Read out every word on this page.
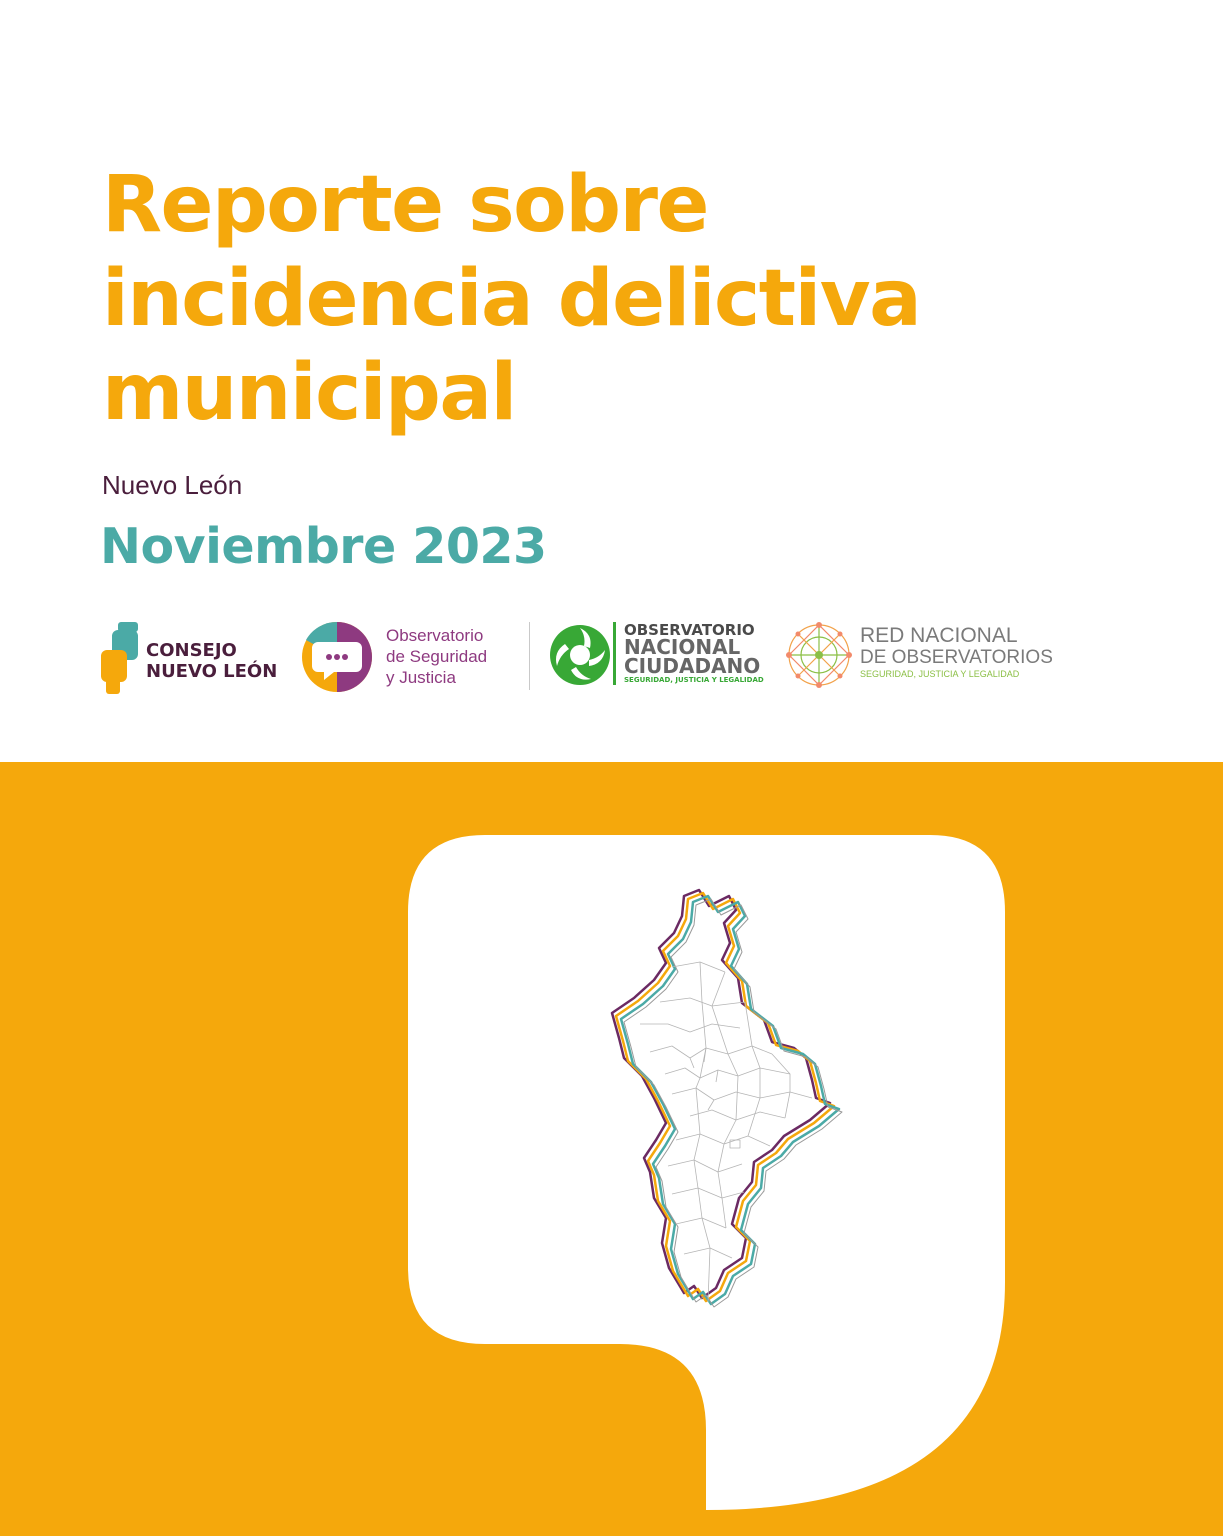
Reporte sobre
incidencia delictiva
municipal
Nuevo León
Noviembre 2023
CONSEJO
NUEVO LEÓN
Observatorio
de Seguridad
y Justicia
OBSERVATORIO
NACIONAL
CIUDADANO
SEGURIDAD, JUSTICIA Y LEGALIDAD
RED NACIONAL
DE OBSERVATORIOS
SEGURIDAD, JUSTICIA Y LEGALIDAD
